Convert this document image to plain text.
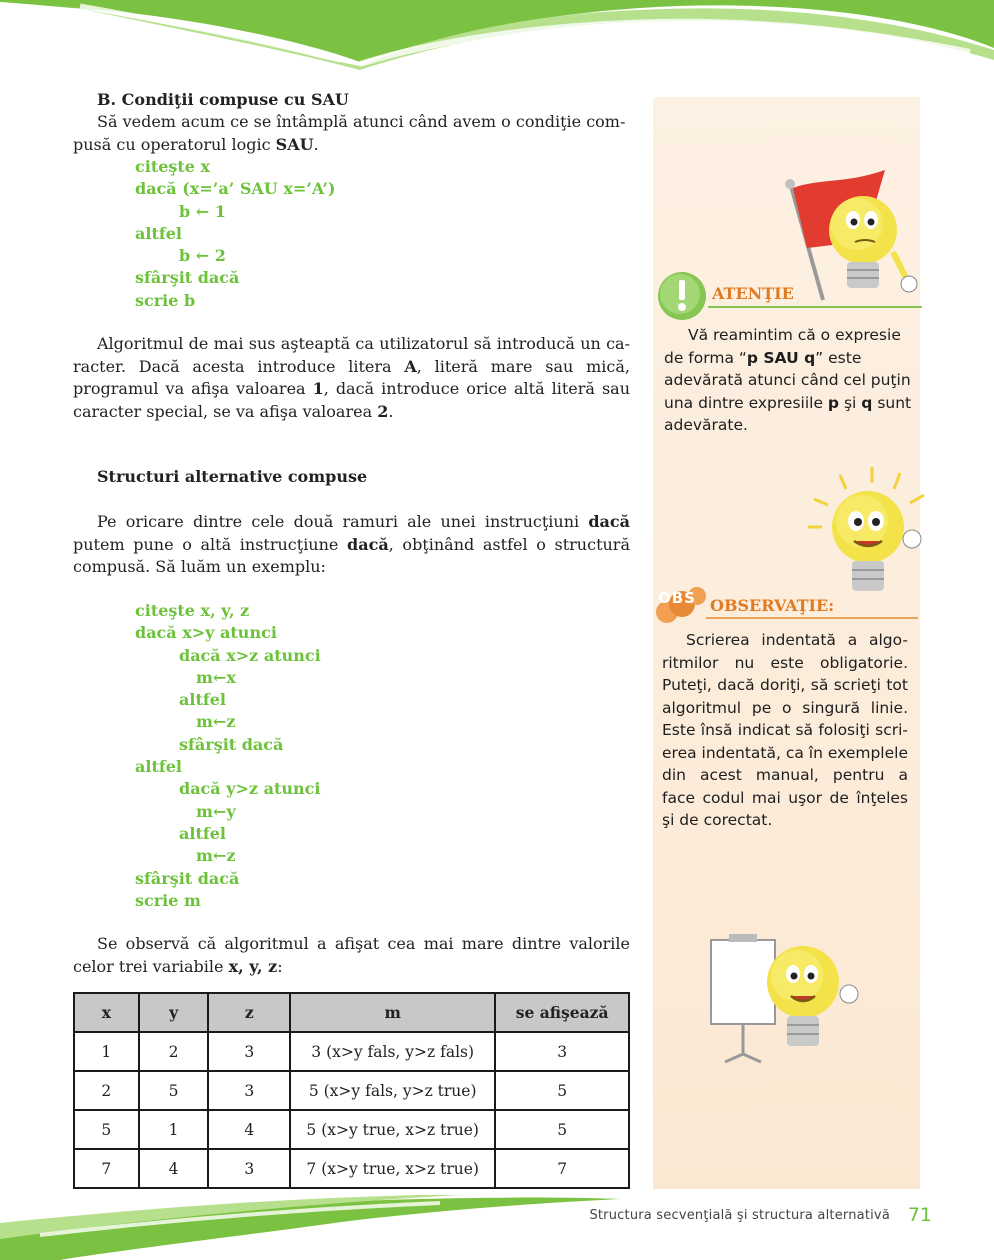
B. Condiţii compuse cu SAU
Să vedem acum ce se întâmplă atunci când avem o condiţie com-
pusă cu operatorul logic SAU.
citeşte x
dacă (x=’a’ SAU x=’A’)
b ← 1
altfel
b ← 2
sfârşit dacă
scrie b
Algoritmul de mai sus aşteaptă ca utilizatorul să introducă un ca-racter. Dacă acesta introduce litera A, literă mare sau mică, programul va afişa valoarea 1, dacă introduce orice altă literă sau caracter special, se va afişa valoarea 2.
Structuri alternative compuse
Pe oricare dintre cele două ramuri ale unei instrucţiuni dacă putem pune o altă instrucţiune dacă, obţinând astfel o structură compusă. Să luăm un exemplu:
citeşte x, y, z
dacă x>y atunci
dacă x>z atunci
m←x
altfel
m←z
sfârşit dacă
altfel
dacă y>z atunci
m←y
altfel
m←z
sfârşit dacă
scrie m
Se observă că algoritmul a afişat cea mai mare dintre valorile celor trei variabile x, y, z:
x	y	z	m	se afişează
1	2	3	3 (x>y fals, y>z fals)	3
2	5	3	5 (x>y fals, y>z true)	5
5	1	4	5 (x>y true, x>z true)	5
7	4	3	7 (x>y true, x>z true)	7
ATENŢIE
Vă reamintim că o expresie de forma “p SAU q” este adevărată atunci când cel puţin una dintre expresiile p şi q sunt adevărate.
OBS OBSERVAŢIE:
Scrierea indentată a algo-ritmilor nu este obligatorie. Puteţi, dacă doriţi, să scrieţi tot algoritmul pe o singură linie. Este însă indicat să folosiţi scri-erea indentată, ca în exemplele din acest manual, pentru a face codul mai uşor de înţeles şi de corectat.
Structura secvenţială şi structura alternativă 71
